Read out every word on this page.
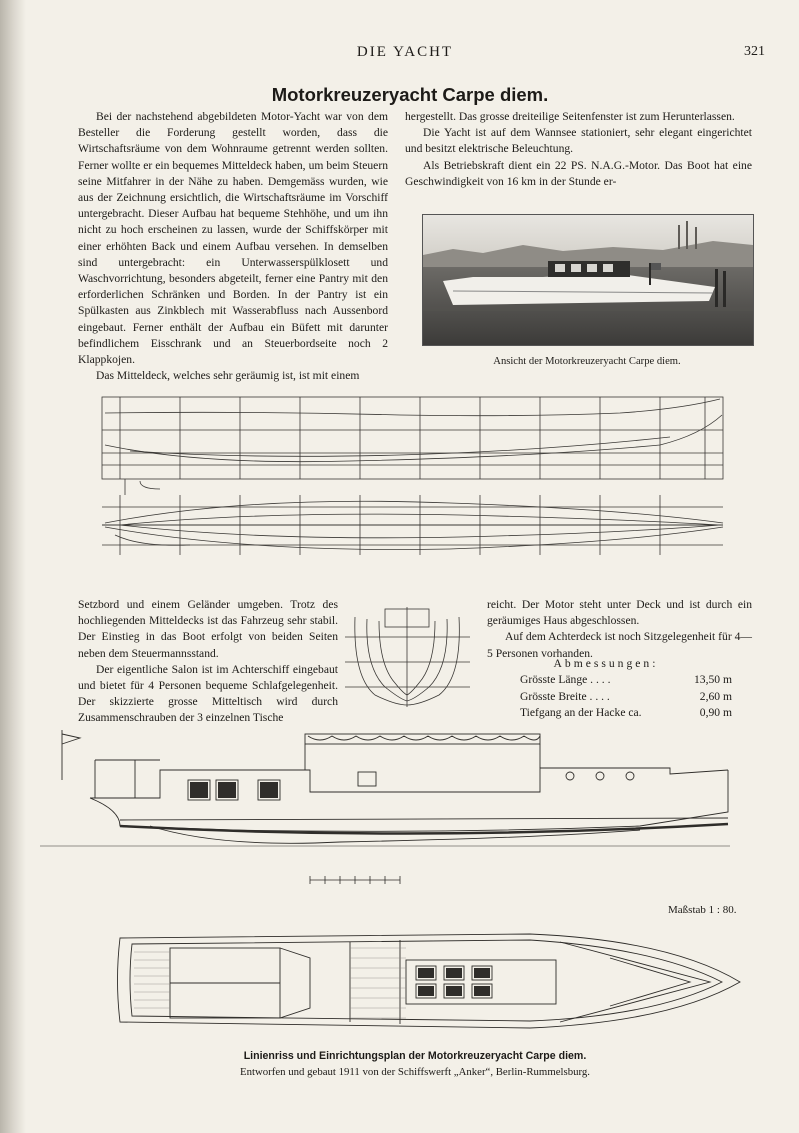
DIE YACHT	321
Motorkreuzeryacht Carpe diem.

Bei der nachstehend abgebildeten Motor-Yacht war von dem Besteller die Forderung gestellt worden, dass die Wirtschaftsräume von dem Wohnraume getrennt werden sollten. Ferner wollte er ein bequemes Mitteldeck haben, um beim Steuern seine Mitfahrer in der Nähe zu haben. Demgemäss wurden, wie aus der Zeichnung ersichtlich, die Wirtschaftsräume im Vorschiff untergebracht. Dieser Aufbau hat bequeme Stehhöhe, und um ihn nicht zu hoch erscheinen zu lassen, wurde der Schiffskörper mit einer erhöhten Back und einem Aufbau versehen. In demselben sind untergebracht: ein Unterwasserspülklosett und Waschvorrichtung, besonders abgeteilt, ferner eine Pantry mit den erforderlichen Schränken und Borden. In der Pantry ist ein Spülkasten aus Zinkblech mit Wasserabfluss nach Aussenbord eingebaut. Ferner enthält der Aufbau ein Büfett mit darunter befindlichem Eisschrank und an Steuerbordseite noch 2 Klappkojen.

Das Mitteldeck, welches sehr geräumig ist, ist mit einem

hergestellt. Das grosse dreiteilige Seitenfenster ist zum Herunterlassen.

Die Yacht ist auf dem Wannsee stationiert, sehr elegant eingerichtet und besitzt elektrische Beleuchtung.

Als Betriebskraft dient ein 22 PS. N.A.G.-Motor. Das Boot hat eine Geschwindigkeit von 16 km in der Stunde er-

Ansicht der Motorkreuzeryacht Carpe diem.

Setzbord und einem Geländer umgeben. Trotz des hochliegenden Mitteldecks ist das Fahrzeug sehr stabil. Der Einstieg in das Boot erfolgt von beiden Seiten neben dem Steuermannsstand.

Der eigentliche Salon ist im Achterschiff eingebaut und bietet für 4 Personen bequeme Schlafgelegenheit. Der skizzierte grosse Mitteltisch wird durch Zusammenschrauben der 3 einzelnen Tische

reicht. Der Motor steht unter Deck und ist durch ein geräumiges Haus abgeschlossen.

Auf dem Achterdeck ist noch Sitzgelegenheit für 4—5 Personen vorhanden.

Abmessungen:
Grösste Länge . . . .	13,50 m
Grösste Breite . . . .	2,60 m
Tiefgang an der Hacke ca.	0,90 m
Maßstab 1 : 80.
Linienriss und Einrichtungsplan der Motorkreuzeryacht Carpe diem.
Entworfen und gebaut 1911 von der Schiffswerft „Anker“, Berlin-Rummelsburg.
